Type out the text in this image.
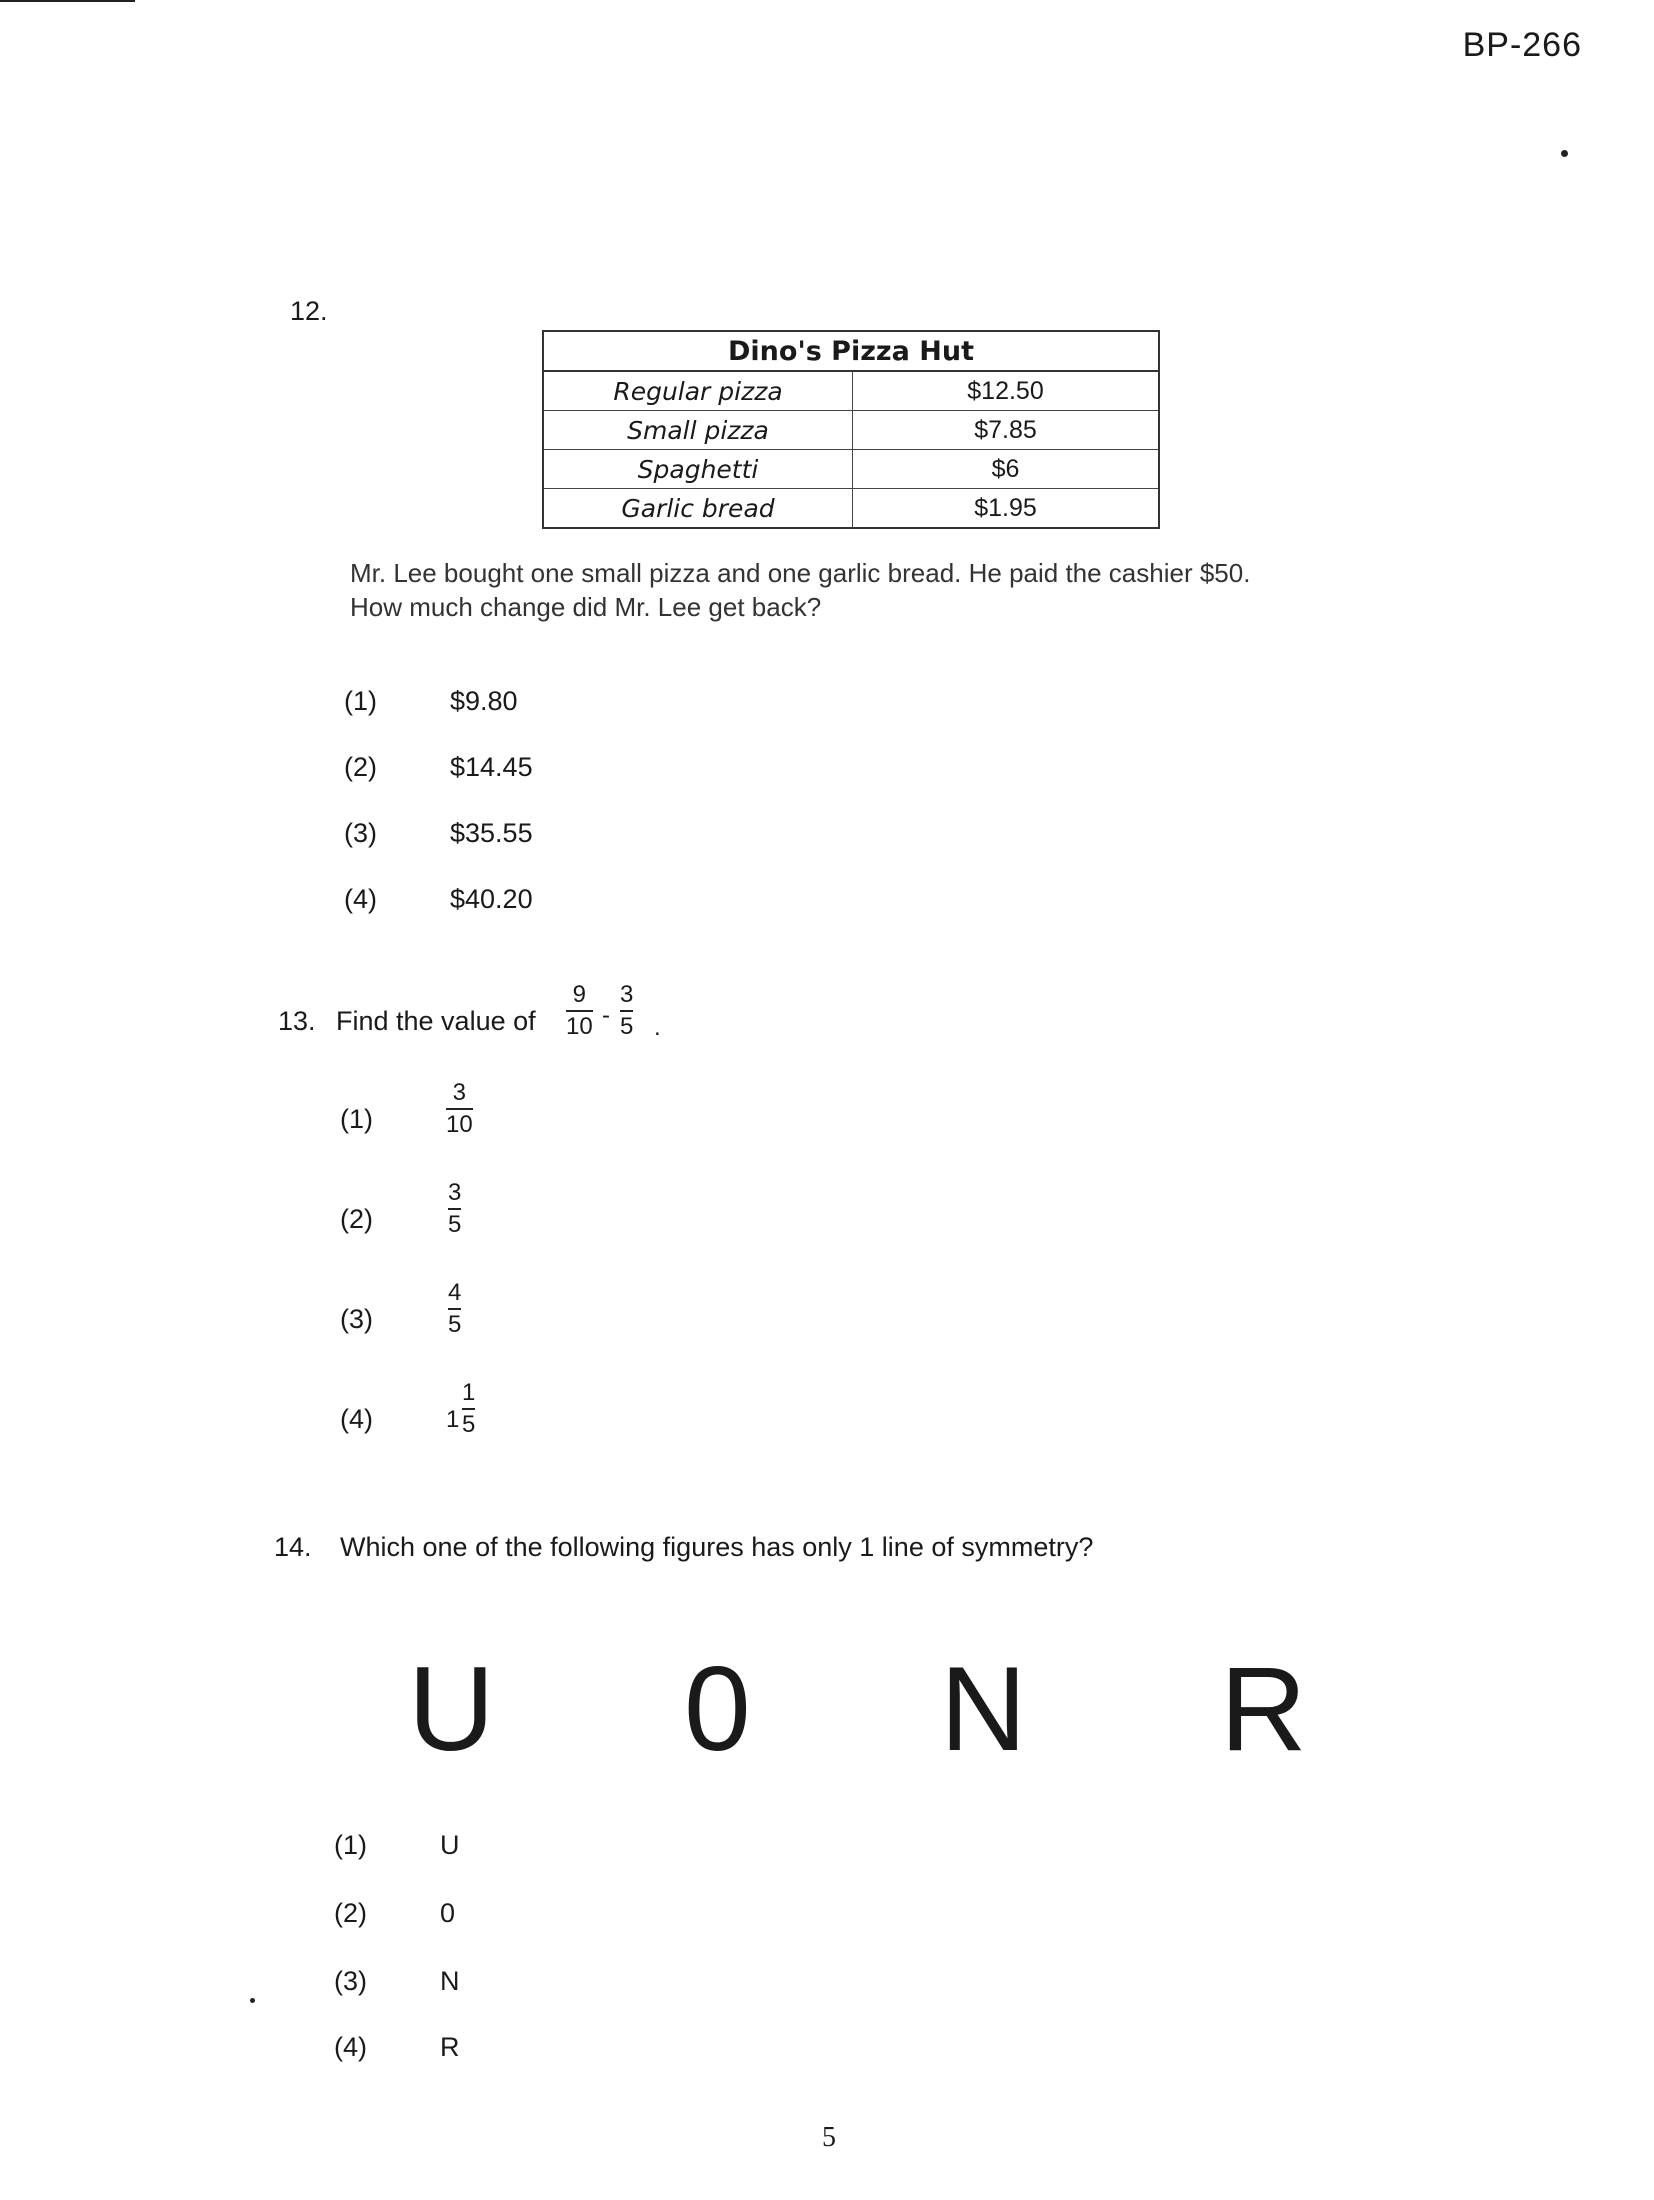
BP-266
12.
Dino's Pizza Hut	
Regular pizza	$12.50
Small pizza	$7.85
Spaghetti	$6
Garlic bread	$1.95
Mr. Lee bought one small pizza and one garlic bread. He paid the cashier $50.
How much change did Mr. Lee get back?
(1)	$9.80
(2)	$14.45
(3)	$35.55
(4)	$40.20
13. Find the value of
9
10 -
3
5 .
(1)
3
10
(2)
3
5
(3)
4
5
(4)	1
1
5
14. Which one of the following figures has only 1 line of symmetry?
U 0 N R
(1)	U
(2)	0
(3)	N
(4)	R
5
